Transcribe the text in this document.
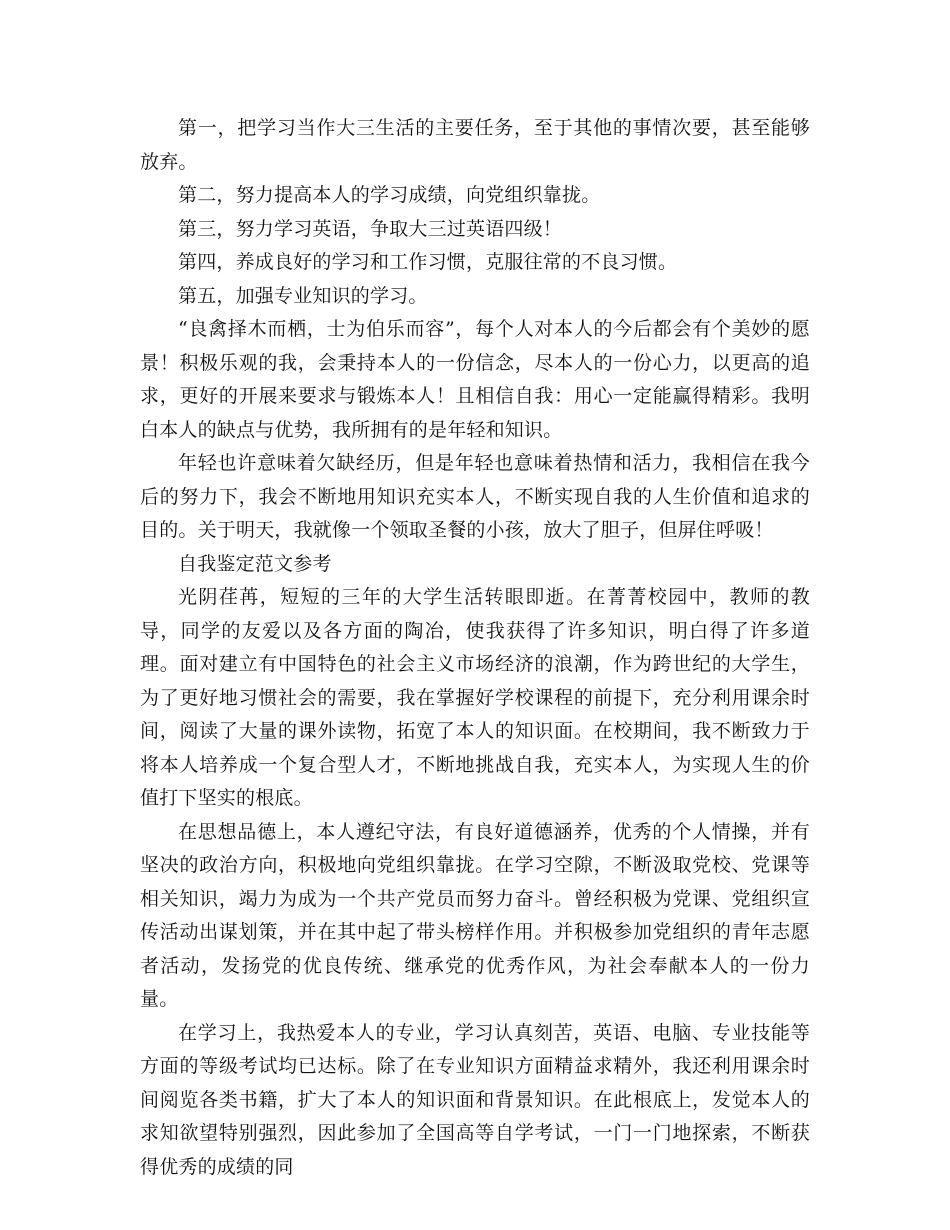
第一，把学习当作大三生活的主要任务，至于其他的事情次要，甚至能够放弃。

第二，努力提高本人的学习成绩，向党组织靠拢。

第三，努力学习英语，争取大三过英语四级！

第四，养成良好的学习和工作习惯，克服往常的不良习惯。

第五，加强专业知识的学习。

“良禽择木而栖，士为伯乐而容”，每个人对本人的今后都会有个美妙的愿景！积极乐观的我，会秉持本人的一份信念，尽本人的一份心力，以更高的追求，更好的开展来要求与锻炼本人！且相信自我：用心一定能赢得精彩。我明白本人的缺点与优势，我所拥有的是年轻和知识。

年轻也许意味着欠缺经历，但是年轻也意味着热情和活力，我相信在我今后的努力下，我会不断地用知识充实本人，不断实现自我的人生价值和追求的目的。关于明天，我就像一个领取圣餐的小孩，放大了胆子，但屏住呼吸！

自我鉴定范文参考

光阴荏苒，短短的三年的大学生活转眼即逝。在菁菁校园中，教师的教导，同学的友爱以及各方面的陶冶，使我获得了许多知识，明白得了许多道理。面对建立有中国特色的社会主义市场经济的浪潮，作为跨世纪的大学生，为了更好地习惯社会的需要，我在掌握好学校课程的前提下，充分利用课余时间，阅读了大量的课外读物，拓宽了本人的知识面。在校期间，我不断致力于将本人培养成一个复合型人才，不断地挑战自我，充实本人，为实现人生的价值打下坚实的根底。

在思想品德上，本人遵纪守法，有良好道德涵养，优秀的个人情操，并有坚决的政治方向，积极地向党组织靠拢。在学习空隙，不断汲取党校、党课等相关知识，竭力为成为一个共产党员而努力奋斗。曾经积极为党课、党组织宣传活动出谋划策，并在其中起了带头榜样作用。并积极参加党组织的青年志愿者活动，发扬党的优良传统、继承党的优秀作风，为社会奉献本人的一份力量。

在学习上，我热爱本人的专业，学习认真刻苦，英语、电脑、专业技能等方面的等级考试均已达标。除了在专业知识方面精益求精外，我还利用课余时间阅览各类书籍，扩大了本人的知识面和背景知识。在此根底上，发觉本人的求知欲望特别强烈，因此参加了全国高等自学考试，一门一门地探索，不断获得优秀的成绩的同
